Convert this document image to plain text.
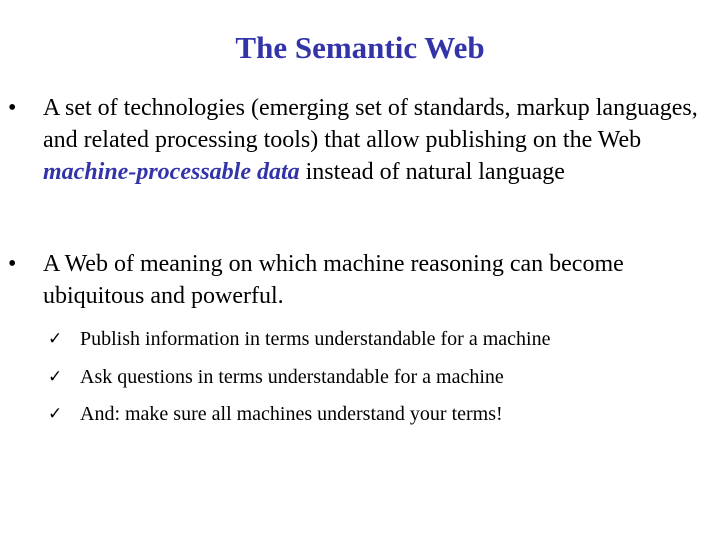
The Semantic Web
• A set of technologies (emerging set of standards, markup languages, and related processing tools) that allow publishing on the Web machine-processable data instead of natural language
• A Web of meaning on which machine reasoning can become ubiquitous and powerful.
✓ Publish information in terms understandable for a machine
✓ Ask questions in terms understandable for a machine
✓ And: make sure all machines understand your terms!
